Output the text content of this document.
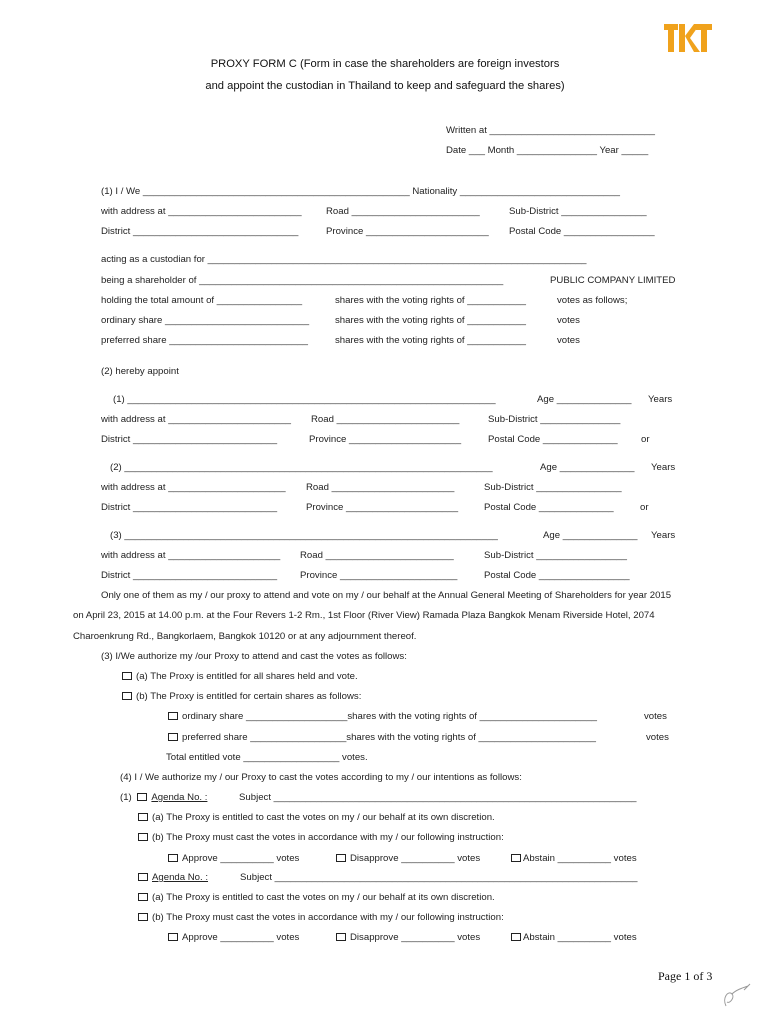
PROXY FORM C (Form in case the shareholders are foreign investors
and appoint the custodian in Thailand to keep and safeguard the shares)
Written at _______________________________
Date ___ Month _______________ Year _____
(1) I / We __________________________________________________ Nationality ______________________________
with address at _________________________	Road ________________________	Sub-District ________________
District _______________________________	Province _______________________ Postal Code _________________
acting as a custodian for _______________________________________________________________________
being a shareholder of _________________________________________________________	PUBLIC COMPANY LIMITED
holding the total amount of ________________	shares with the voting rights of ___________	votes as follows;
ordinary share ___________________________	shares with the voting rights of ___________	votes
preferred share __________________________	shares with the voting rights of ___________	votes
(2) hereby appoint
(1) _____________________________________________________________________	Age ______________ Years
with address at _______________________ Road _______________________	Sub-District _______________
District ___________________________	Province _____________________	Postal Code ______________ or
(2) _____________________________________________________________________	Age ______________ Years
with address at ______________________ Road _______________________	Sub-District ________________
District ___________________________	Province _____________________	Postal Code ______________	or
(3) ______________________________________________________________________	Age ______________ Years
with address at _____________________ Road ________________________	Sub-District _________________
District ___________________________ Province ______________________	Postal Code _________________
Only one of them as my / our proxy to attend and vote on my / our behalf at the Annual General Meeting of Shareholders for year 2015
on April 23, 2015 at 14.00 p.m. at the Four Revers 1-2 Rm., 1st Floor (River View) Ramada Plaza Bangkok Menam Riverside Hotel, 2074
Charoenkrung Rd., Bangkorlaem, Bangkok 10120 or at any adjournment thereof.
(3) I/We authorize my /our Proxy to attend and cast the votes as follows:
(a) The Proxy is entitled for all shares held and vote.
(b) The Proxy is entitled for certain shares as follows:
ordinary share ___________________shares with the voting rights of ______________________	votes
preferred share __________________shares with the voting rights of ______________________	votes
Total entitled vote __________________ votes.
(4) I / We authorize my / our Proxy to cast the votes according to my / our intentions as follows:
(1) Agenda No. :	Subject ____________________________________________________________________
(a) The Proxy is entitled to cast the votes on my / our behalf at its own discretion.
(b) The Proxy must cast the votes in accordance with my / our following instruction:
Approve __________ votes	Disapprove __________ votes	Abstain __________ votes
Agenda No. :	Subject ____________________________________________________________________
(a) The Proxy is entitled to cast the votes on my / our behalf at its own discretion.
(b) The Proxy must cast the votes in accordance with my / our following instruction:
Approve __________ votes	Disapprove __________ votes	Abstain __________ votes
Page 1 of 3
